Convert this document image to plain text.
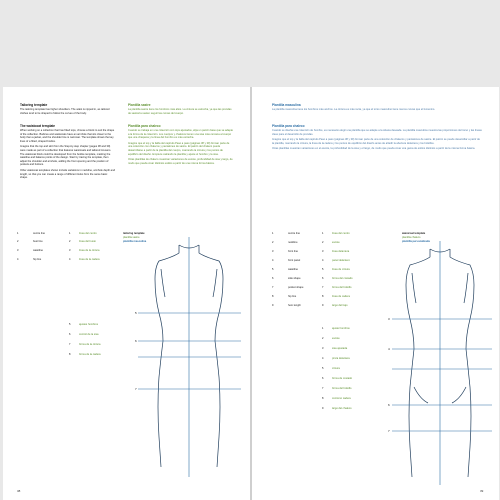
Tailoring template
The tailoring template has higher shoulders. The waist is nipped in, as tailored clothes tend to be shaped to follow the curves of the body.
The waistcoat template
When working on a collection that has fitted tops, choose a block to suit the shape of the collection. Bodices and waistcoats have an armhole that sits closer to the body than a jacket, and the shoulder line is narrower. The template shows the key lines of a fitted, shaped bodice.
Imagine that the top and skirt from the Step-by-step chapter (pages 38 and 39) were made as part of a collection that features waistcoats and tailored trousers. The waistcoat block could be developed from the bodice template, marking the waistline and balance points of the design. Start by tracing the template, then adjust the shoulder and armhole, adding the front opening and the position of pockets and buttons.
Other waistcoat templates shown include variations in neckline, armhole depth and length, so that you can create a range of different looks from the same basic shape.
Plantilla sastre
La plantilla sastre tiene los hombros más altos. La cintura se estrecha, ya que las prendas de sastrería suelen seguir las curvas del cuerpo.
Plantilla para chaleco
Cuando se trabaja en una colección con tops ajustados, elija un patrón base que se adapte a la forma de la colección. Los cuerpos y chalecos tienen una sisa más cercana al cuerpo que una chaqueta y la línea del hombro es más estrecha.
Imagine que el top y la falda del capítulo Paso a paso (páginas 38 y 39) forman parte de una colección con chalecos y pantalones de sastre. El patrón del chaleco puede desarrollarse a partir de la plantilla del cuerpo, marcando la cintura y los puntos de equilibrio del diseño. Empiece calcando la plantilla y ajuste el hombro y la sisa.
Otras plantillas de chaleco muestran variaciones de escote, profundidad de sisa y largo, de modo que pueda crear distintos estilos a partir de una misma forma básica.
1	centre line	1	línea del centro
2	bust line	2	línea del busto
3	waistline	3	línea de la cintura
4	hip line	4	línea de la cadera
5	ajustes hombros
6	control de la sisa
7	forma de la cintura
8	forma de la cadera
tailoring template
plantilla sastre
plantilla masculina
5
6
7
38
Plantilla masculina
La plantilla masculina tiene los hombros más anchos. La cintura es más recta, ya que el torso masculino tiene menos curvas que el femenino.
Plantilla para chaleco
Cuando se diseña una colección de hombre, es necesario elegir una plantilla que se adapte a la silueta deseada. La plantilla masculina muestra las proporciones del torso y las líneas clave para el desarrollo de prendas.
Imagine que el top y la falda del capítulo Paso a paso (páginas 38 y 39) forman parte de una colección de chalecos y pantalones de sastre. El patrón se puede desarrollar a partir de la plantilla, marcando la cintura, la línea de la cadera y los puntos de equilibrio del diseño antes de añadir la abertura delantera y los bolsillos.
Otras plantillas muestran variaciones en el escote, la profundidad de la sisa y el largo, de modo que pueda crear una gama de estilos distintos a partir de la misma forma básica.
1	centre line	1	línea del centro
2	neckline	2	escote
3	front line	3	línea delantera
4	front panel	4	panel delantero
5	waistline	5	línea de cintura
6	side shape	6	forma del costado
7	pocket shape	7	forma del bolsillo
8	hip line	8	línea de cadera
9	hem length	9	largo del bajo
1	ajuste hombros
2	escote
3	sisa ajustada
4	pinza delantera
5	cintura
6	forma de costado
7	forma del bolsillo
8	contorno cadera
9	largo del chaleco
waistcoat template
plantilla chaleco
plantilla personalizada
3
4
6
7
39
